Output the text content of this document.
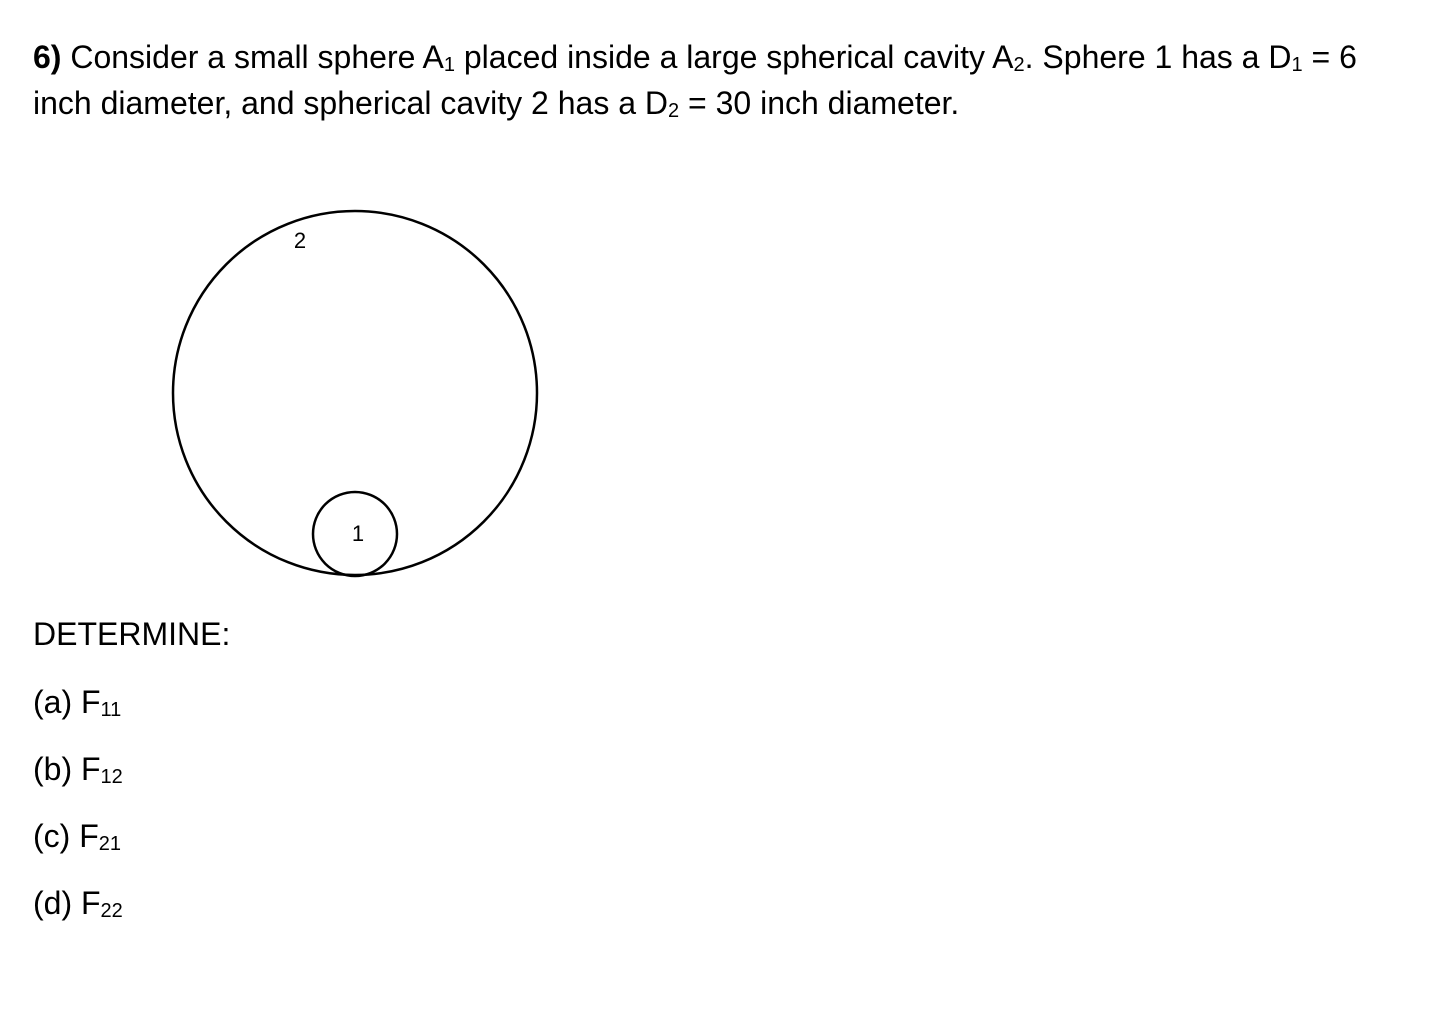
6) Consider a small sphere $A_1$ placed inside a large spherical cavity $A_2$. Sphere 1 has a $D_1 = 6$ inch diameter, and spherical cavity 2 has a $D_2 = 30$ inch diameter.

2
1

DETERMINE:

(a) $F_{11}$
(b) $F_{12}$
(c) $F_{21}$
(d) $F_{22}$
